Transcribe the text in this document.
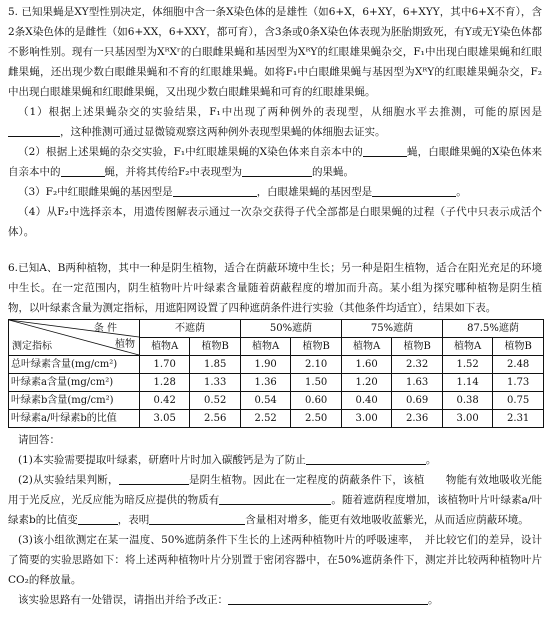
5. 已知果蝇是XY型性别决定，体细胞中含一条X染色体的是雄性（如6+X，6+XY，6+XYY，其中6+X不育），含2条X染色体的是雌性（如6+XX，6+XXY，都可育），含3条或0条X染色体表现为胚胎期致死，有Y或无Y染色体都不影响性别。现有一只基因型为XᴿXʳ的白眼雌果蝇和基因型为XᴿY的红眼雄果蝇杂交，F₁中出现白眼雄果蝇和红眼雌果蝇，还出现少数白眼雌果蝇和不育的红眼雄果蝇。如将F₁中白眼雌果蝇与基因型为XᴿY的红眼雄果蝇杂交，F₂中出现白眼雄果蝇和红眼雌果蝇，又出现少数白眼雌果蝇和可育的红眼雄果蝇。

（1）根据上述果蝇杂交的实验结果，F₁中出现了两种例外的表现型，从细胞水平去推测，可能的原因是，这种推测可通过显微镜观察这两种例外表现型果蝇的体细胞去证实。

（2）根据上述果蝇的杂交实验，F₁中红眼雄果蝇的X染色体来自亲本中的	蝇，白眼雌果蝇的X染色体来自亲本中的	蝇，并将其传给F₂中表现型为	的果蝇。

（3）F₂中红眼雌果蝇的基因型是	，白眼雄果蝇的基因型是	。

（4）从F₂中选择亲本，用遗传图解表示通过一次杂交获得子代全部都是白眼果蝇的过程（子代中只表示成活个体）。

6.已知A、B两种植物，其中一种是阴生植物，适合在荫蔽环境中生长；另一种是阳生植物，适合在阳光充足的环境中生长。在一定范围内，阴生植物叶片叶绿素含量随着荫蔽程度的增加而升高。某小组为探究哪种植物是阴生植物，以叶绿素含量为测定指标，用遮阳网设置了四种遮荫条件进行实验（其他条件均适宜），结果如下表。

条 件
植物
测定指标	不遮荫		50%遮荫		75%遮荫		87.5%遮荫	
	植物A	植物B	植物A	植物B	植物A	植物B	植物A	植物B
总叶绿素含量(mg/cm²)	1.70	1.85	1.90	2.10	1.60	2.32	1.52	2.48
叶绿素a含量(mg/cm²)	1.28	1.33	1.36	1.50	1.20	1.63	1.14	1.73
叶绿素b含量(mg/cm²)	0.42	0.52	0.54	0.60	0.40	0.69	0.38	0.75
叶绿素a/叶绿素b的比值	3.05	2.56	2.52	2.50	3.00	2.36	3.00	2.31

请回答：

(1)本实验需要提取叶绿素，研磨叶片时加入碳酸钙是为了防止	。

(2)从实验结果判断，	是阴生植物。因此在一定程度的荫蔽条件下，该植　　物能有效地吸收光能用于光反应，光反应能为暗反应提供的物质有	。随着遮荫程度增加，该植物叶片叶绿素a/叶绿素b的比值变	，表明	含量相对增多，能更有效地吸收蓝紫光，从而适应荫蔽环境。

(3)该小组欲测定在某一温度、50%遮荫条件下生长的上述两种植物叶片的呼吸速率，　并比较它们的差异，设计了简要的实验思路如下：将上述两种植物叶片分别置于密闭容器中，在50%遮荫条件下，测定并比较两种植物叶片CO₂的释放量。

该实验思路有一处错误，请指出并给予改正：	。
